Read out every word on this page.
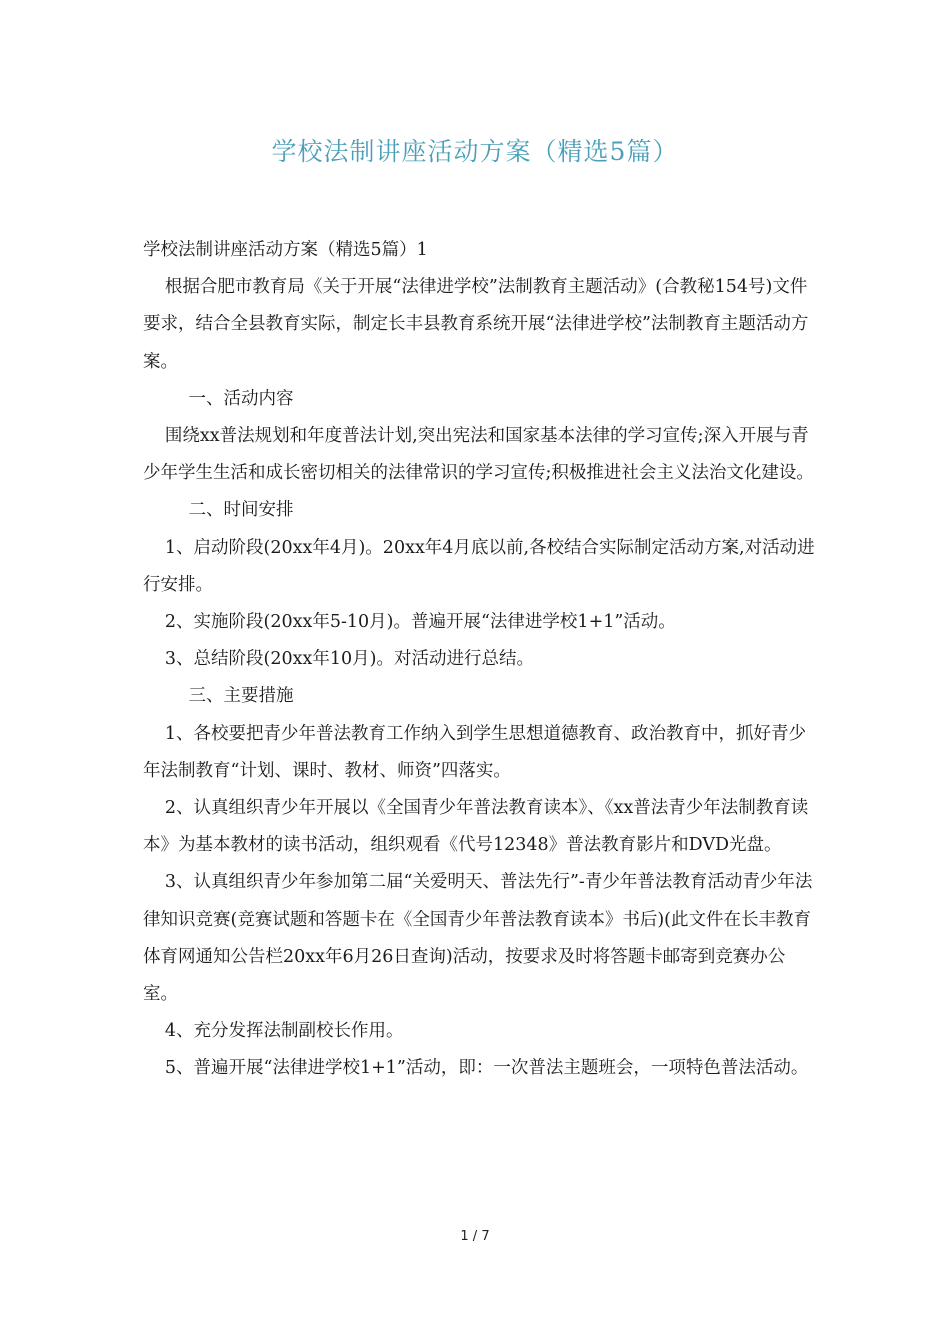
学校法制讲座活动方案（精选5篇）

学校法制讲座活动方案（精选5篇）1

根据合肥市教育局《关于开展“法律进学校”法制教育主题活动》(合教秘154号)文件要求，结合全县教育实际，制定长丰县教育系统开展“法律进学校”法制教育主题活动方案。

一、活动内容

围绕xx普法规划和年度普法计划,突出宪法和国家基本法律的学习宣传;深入开展与青少年学生生活和成长密切相关的法律常识的学习宣传;积极推进社会主义法治文化建设。

二、时间安排

1、启动阶段(20xx年4月)。20xx年4月底以前,各校结合实际制定活动方案,对活动进行安排。

2、实施阶段(20xx年5-10月)。普遍开展“法律进学校1+1”活动。

3、总结阶段(20xx年10月)。对活动进行总结。

三、主要措施

1、各校要把青少年普法教育工作纳入到学生思想道德教育、政治教育中，抓好青少年法制教育“计划、课时、教材、师资”四落实。

2、认真组织青少年开展以《全国青少年普法教育读本》、《xx普法青少年法制教育读本》为基本教材的读书活动，组织观看《代号12348》普法教育影片和DVD光盘。

3、认真组织青少年参加第二届“关爱明天、普法先行”-青少年普法教育活动青少年法律知识竞赛(竞赛试题和答题卡在《全国青少年普法教育读本》书后)(此文件在长丰教育体育网通知公告栏20xx年6月26日查询)活动，按要求及时将答题卡邮寄到竞赛办公室。

4、充分发挥法制副校长作用。

5、普遍开展“法律进学校1+1”活动，即：一次普法主题班会，一项特色普法活动。

1 / 7
